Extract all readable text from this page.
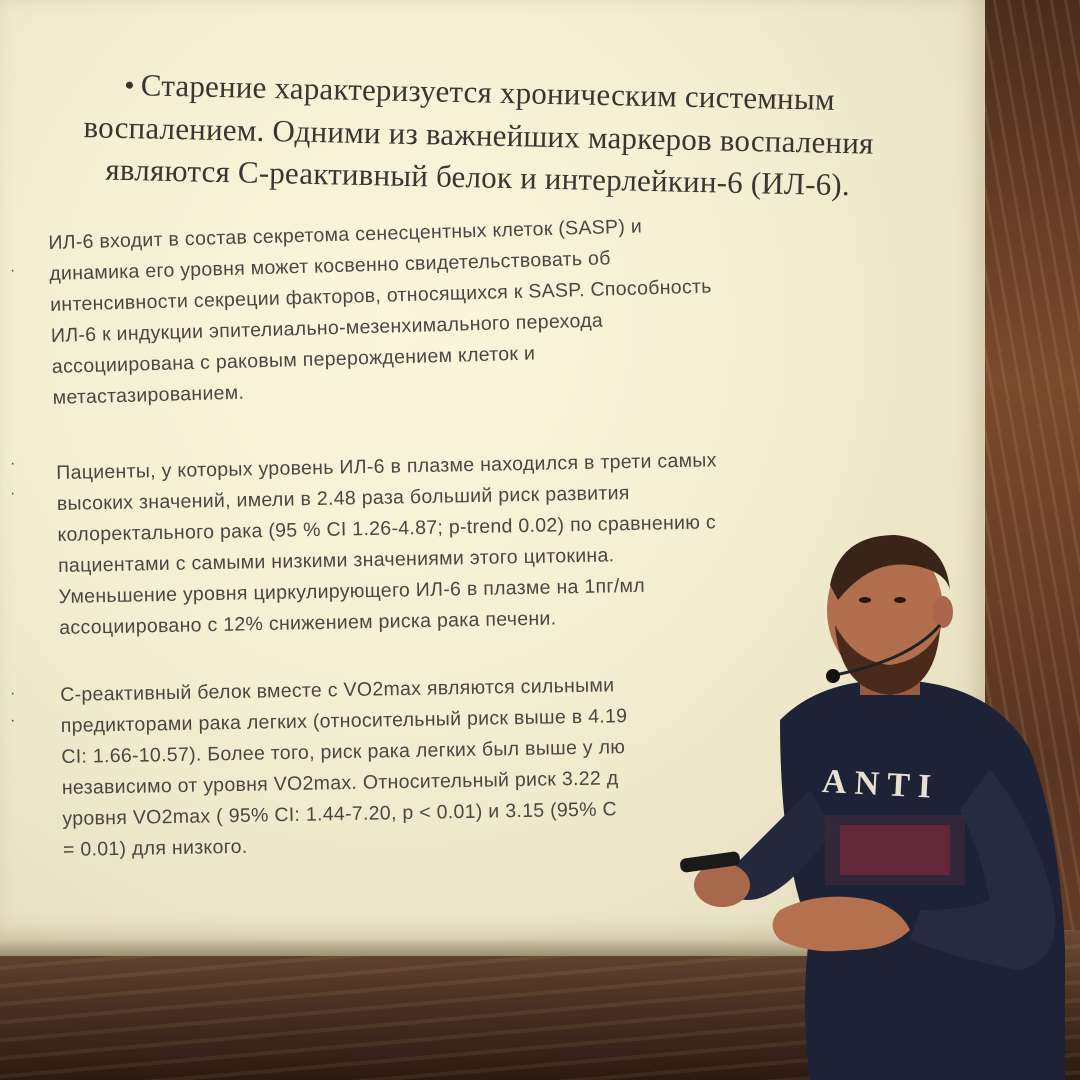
• Старение характеризуется хроническим системным
воспалением. Одними из важнейших маркеров воспаления
являются С-реактивный белок и интерлейкин-6 (ИЛ-6).
·
·
·
·
·
ИЛ-6 входит в состав секретома сенесцентных клеток (SASP) и
динамика его уровня может косвенно свидетельствовать об
интенсивности секреции факторов, относящихся к SASP. Способность
ИЛ-6 к индукции эпителиально-мезенхимального перехода
ассоциирована с раковым перерождением клеток и
метастазированием.
Пациенты, у которых уровень ИЛ-6 в плазме находился в трети самых
высоких значений, имели в 2.48 раза больший риск развития
колоректального рака (95 % CI 1.26-4.87; p-trend 0.02) по сравнению с
пациентами с самыми низкими значениями этого цитокина.
Уменьшение уровня циркулирующего ИЛ-6 в плазме на 1пг/мл
ассоциировано с 12% снижением риска рака печени.
С-реактивный белок вместе с VO2max являются сильными
предикторами рака легких (относительный риск выше в 4.19
CI: 1.66-10.57). Более того, риск рака легких был выше у лю
независимо от уровня VO2max. Относительный риск 3.22 д
уровня VO2max ( 95% CI: 1.44-7.20, p < 0.01) и 3.15 (95% C
= 0.01) для низкого.
ANTI
